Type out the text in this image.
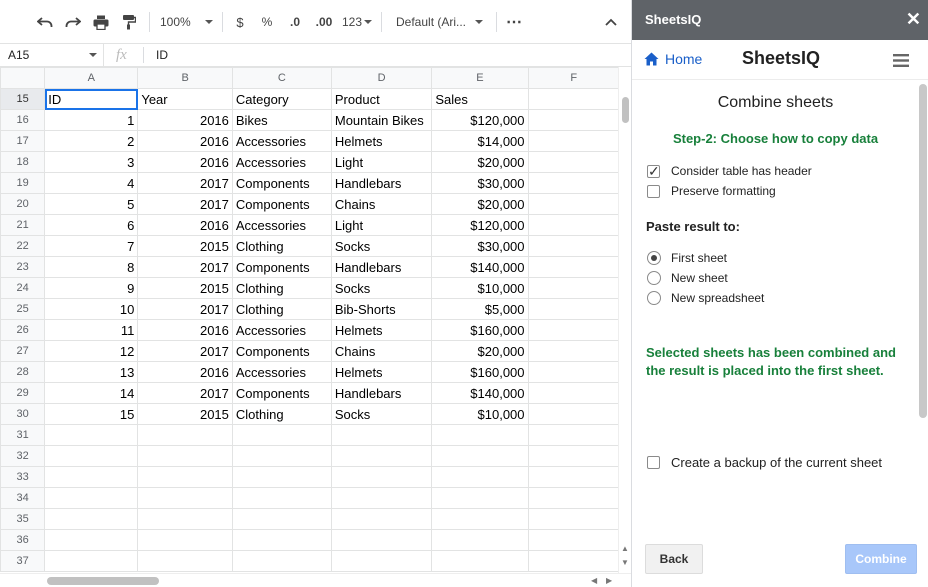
100%	$	%	.0	.00 123	Default (Ari... ⋯
A15	fx ID
	A	B	C	D	E	F
15	ID	Year	Category	Product	Sales	
16	1	2016	Bikes	Mountain Bikes	$120,000	
17	2	2016	Accessories	Helmets	$14,000	
18	3	2016	Accessories	Light	$20,000	
19	4	2017	Components	Handlebars	$30,000	
20	5	2017	Components	Chains	$20,000	
21	6	2016	Accessories	Light	$120,000	
22	7	2015	Clothing	Socks	$30,000	
23	8	2017	Components	Handlebars	$140,000	
24	9	2015	Clothing	Socks	$10,000	
25	10	2017	Clothing	Bib-Shorts	$5,000	
26	11	2016	Accessories	Helmets	$160,000	
27	12	2017	Components	Chains	$20,000	
28	13	2016	Accessories	Helmets	$160,000	
29	14	2017	Components	Handlebars	$140,000	
30	15	2015	Clothing	Socks	$10,000	
31						
32						
33						
34						
35						
36						
37						
▲
▼
◀ ▶
SheetsIQ	✕
Home SheetsIQ
Combine sheets
Step-2: Choose how to copy data
✓
Consider table has header
Preserve formatting
Paste result to:
First sheet
New sheet
New spreadsheet
Selected sheets has been combined and the result is placed into the first sheet.
Create a backup of the current sheet
Back	Combine
